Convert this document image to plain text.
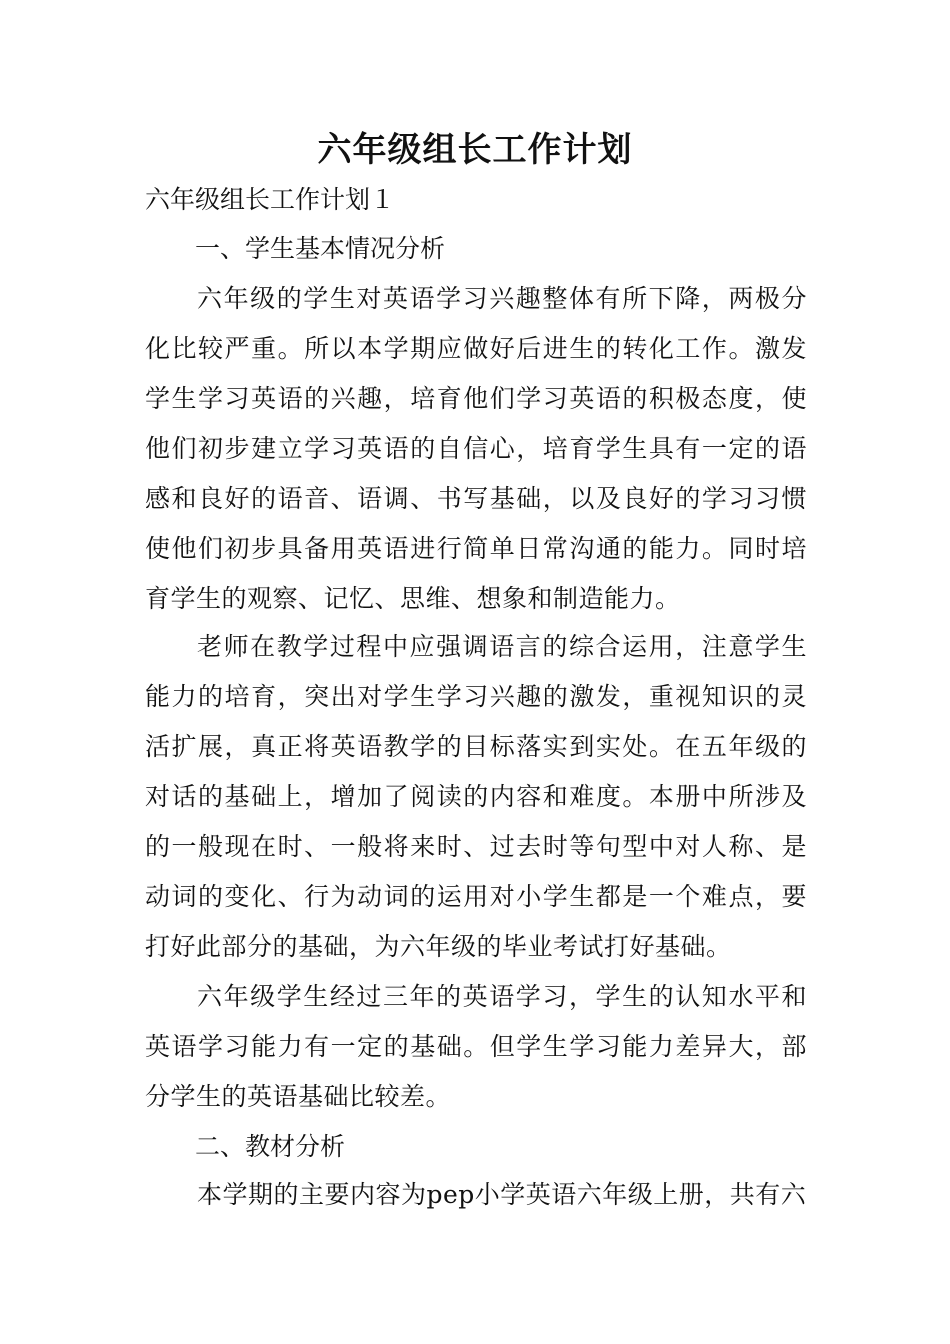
六年级组长工作计划

六年级组长工作计划１

一、学生基本情况分析

六年级的学生对英语学习兴趣整体有所下降，两极分化比较严重。所以本学期应做好后进生的转化工作。激发学生学习英语的兴趣，培育他们学习英语的积极态度，使他们初步建立学习英语的自信心，培育学生具有一定的语感和良好的语音、语调、书写基础，以及良好的学习习惯使他们初步具备用英语进行简单日常沟通的能力。同时培育学生的观察、记忆、思维、想象和制造能力。

老师在教学过程中应强调语言的综合运用，注意学生能力的培育，突出对学生学习兴趣的激发，重视知识的灵活扩展，真正将英语教学的目标落实到实处。在五年级的对话的基础上，增加了阅读的内容和难度。本册中所涉及的一般现在时、一般将来时、过去时等句型中对人称、是动词的变化、行为动词的运用对小学生都是一个难点，要打好此部分的基础，为六年级的毕业考试打好基础。

六年级学生经过三年的英语学习，学生的认知水平和英语学习能力有一定的基础。但学生学习能力差异大，部分学生的英语基础比较差。

二、教材分析

本学期的主要内容为pep小学英语六年级上册，共有六
